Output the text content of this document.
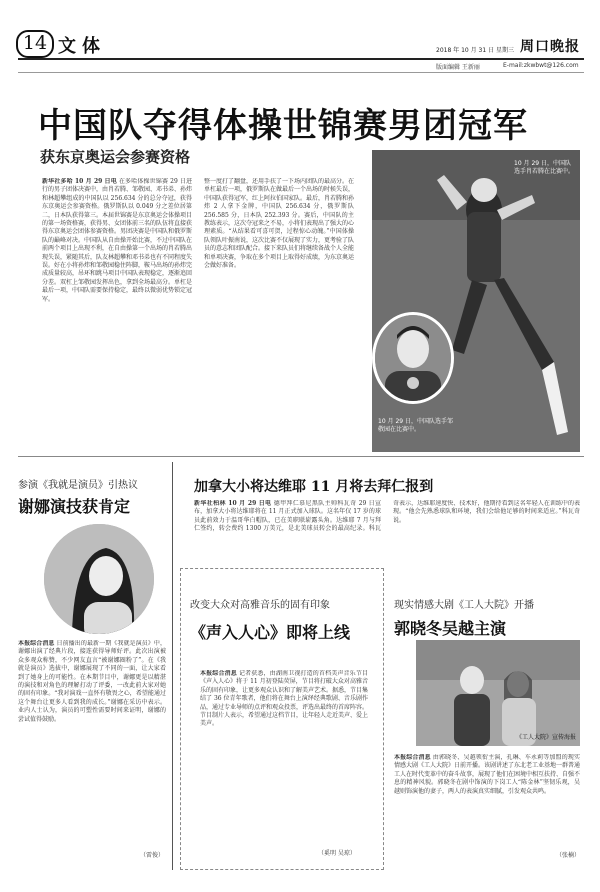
14 文体	2018 年 10 月 31 日 星期三 周口晚报
版面编辑 王新丽	E-mail:zkwbwt@126.com
中国队夺得体操世锦赛男团冠军
获东京奥运会参赛资格
新华社多哈 10 月 29 日电 在多哈体操世锦赛 29 日进行的男子团体决赛中，由肖若腾、邹敬园、邓书弟、孙炜和林超攀组成的中国队以 256.634 分的总分夺冠，获得东京奥运会参赛资格。俄罗斯队以 0.049 分之差位居第二，日本队获得第三。本届世锦赛是东京奥运会体操项目的第一场资格赛，获得男、女团体前三名的队伍将直接获得东京奥运会团体参赛资格。男团决赛是中国队和俄罗斯队的巅峰对决。中国队从自由操开始比赛，不过中国队在前两个项目上出现不利，在自由操第一个出场的肖若腾出现失误，紧随其后，队友林超攀和邓书弟也有不同程度失误。好在小将孙炜和邹敬园稳住阵脚，鞍马出场的孙炜完成质量较高，吊环和跳马项目中国队表现稳定，逐渐追回分差。双杠上邹敬园发挥出色，拿到全场最高分。单杠是最后一项，中国队需要保持稳定，最终以微弱优势锁定冠军。
整一度打了翻盘，还用手扶了一下场内团队的最高分。在单杠最后一项，俄罗斯队在做最后一个出场的时候失误，中国队获得冠军，红上阿拉伯国家队。最后，肖若腾和孙炜 2 人拿下金牌，中国队 256.634 分，俄罗斯队 256.585 分，日本队 252.393 分。赛后，中国队的主教练表示，这次夺冠来之不易，小将们表现出了强大的心理素质。“从结果看可喜可贺，过程惊心动魄。”中国体操队领队叶振南说，这次比赛不仅展现了实力，更考验了队员的意志和团队配合。接下来队员们将继续备战个人全能和单项决赛，争取在多个项目上取得好成绩，为东京奥运会做好准备。
10 月 29 日，中国队选手肖若腾在比赛中。
10 月 29 日，中国队选手邹敬园在比赛中。
参演《我就是演员》引热议
谢娜演技获肯定
本报综合消息 日前播出的最新一期《我就是演员》中，谢娜出演了经典片段，接连获得导师好评。此次出演被众多观众称赞，不少网友直言“被谢娜圈粉了”。在《我就是演员》选拔中，谢娜展现了不同的一面，让大家看到了她身上的可能性。在本期节目中，谢娜更是以精湛的演技和对角色的理解打动了评委，一改此前大家对她的固有印象。“我对演戏一直怀有敬畏之心，希望能通过这个舞台让更多人看到我的成长。”谢娜在采访中表示。业内人士认为，演员的可塑性需要时间来证明，谢娜的尝试值得鼓励。
（雷俊）
加拿大小将达维耶 11 月将去拜仁报到
新华社柏林 10 月 29 日电 德甲拜仁慕尼黑队主帅科瓦奇 29 日宣布，加拿大小将达维耶将在 11 月正式加入球队。这名年仅 17 岁的球员此前效力于温哥华白帽队，已在美职联崭露头角。达维耶 7 月与拜仁签约，转会费约 1300 万美元，是北美球员转会的最高纪录。科瓦奇表示，达维耶速度快、技术好，他期待看到这名年轻人在训练中的表现。“他会先熟悉球队和环境，我们会给他足够的时间来适应。”科瓦奇说。
改变大众对高雅音乐的固有印象
《声入人心》即将上线
本报综合消息 记者获悉，由湖南卫视打造的首档美声音乐节目《声入人心》将于 11 月初登陆荧屏，节目将打破大众对高雅音乐的固有印象，让更多观众认识和了解美声艺术。据悉，节目集结了 36 位青年歌者，他们将在舞台上演绎经典歌剧、音乐剧作品，通过专业导师的点评和观众投票，评选出最终的首席阵容。节目制片人表示，希望通过这档节目，让年轻人走近美声、爱上美声。
（奚明 吴琼）
现实情感大剧《工人大院》开播
郭晓冬吴越主演
《工人大院》宣传海报
本报综合消息 由郭晓冬、吴越领衔主演，孔琳、车永莉等加盟的现实情感大剧《工人大院》日前开播。该剧讲述了东北老工业基地一群普通工人在时代变革中的奋斗故事，展现了他们在困境中相互扶持、自强不息的精神风貌。郭晓冬在剧中饰演的下岗工人“陈金林”坚韧乐观，吴越则饰演他的妻子，两人的表演真实细腻，引发观众共鸣。
（张楠）
